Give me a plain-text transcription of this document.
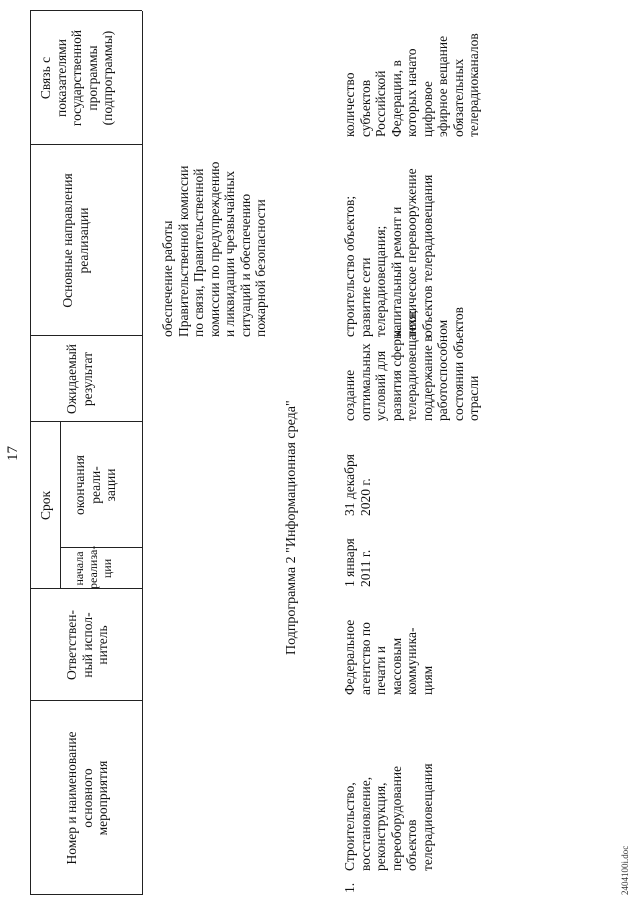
17
Номер и наименование
основного
мероприятия
Ответствен-
ный испол-
нитель
Срок
начала
реализа-
ции
окончания
реали-
зации
Ожидаемый
результат
Основные направления
реализации
Связь с
показателями
государственной
программы
(подпрограммы)
обеспечение работы
Правительственной комиссии
по связи, Правительственной
комиссии по предупреждению
и ликвидации чрезвычайных
ситуаций и обеспечению
пожарной безопасности
Подпрограмма 2 "Информационная среда"
1.
Строительство,
восстановление,
реконструкция,
переоборудование
объектов
телерадиовещания
Федеральное
агентство по
печати и
массовым
коммуника-
циям
1 января
2011 г.
31 декабря
2020 г.
создание
оптимальных
условий для
развития сферы
телерадиовещания;
поддержание в
работоспособном
состоянии объектов
отрасли
строительство объектов;
развитие сети
телерадиовещания;
капитальный ремонт и
техническое перевооружение
объектов телерадиовещания
количество
субъектов
Российской
Федерации, в
которых начато
цифровое
эфирное вещание
обязательных
телерадиоканалов
2404100і.doc
